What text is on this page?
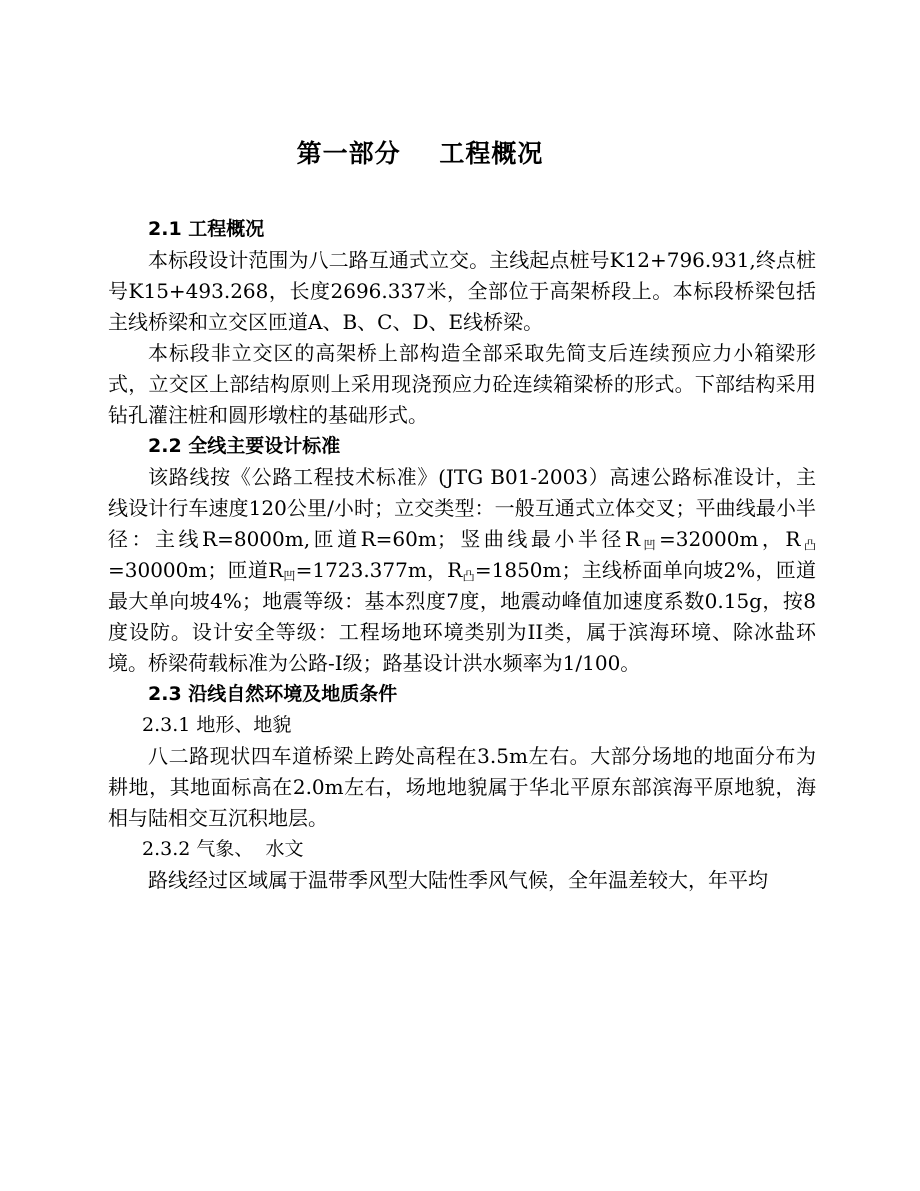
第一部分    工程概况
2.1 工程概况
本标段设计范围为八二路互通式立交。主线起点桩号K12+796.931,终点桩号K15+493.268，长度2696.337米，全部位于高架桥段上。本标段桥梁包括主线桥梁和立交区匝道A、B、C、D、E线桥梁。
本标段非立交区的高架桥上部构造全部采取先简支后连续预应力小箱梁形式，立交区上部结构原则上采用现浇预应力砼连续箱梁桥的形式。下部结构采用钻孔灌注桩和圆形墩柱的基础形式。
2.2 全线主要设计标准
该路线按《公路工程技术标准》(JTG B01-2003）高速公路标准设计，主线设计行车速度120公里/小时；立交类型：一般互通式立体交叉；平曲线最小半径：主线R=8000m,匝道R=60m；竖曲线最小半径$R_凹=32000m$，$R_凸=30000m$；匝道$R_凹=1723.377m$，$R_凸=1850m$；主线桥面单向坡2%，匝道最大单向坡4%；地震等级：基本烈度7度，地震动峰值加速度系数0.15g，按8度设防。设计安全等级：工程场地环境类别为II类，属于滨海环境、除冰盐环境。桥梁荷载标准为公路-I级；路基设计洪水频率为1/100。
2.3 沿线自然环境及地质条件
2.3.1 地形、地貌
八二路现状四车道桥梁上跨处高程在3.5m左右。大部分场地的地面分布为耕地，其地面标高在2.0m左右，场地地貌属于华北平原东部滨海平原地貌，海相与陆相交互沉积地层。
2.3.2 气象、  水文
路线经过区域属于温带季风型大陆性季风气候，全年温差较大，年平均
